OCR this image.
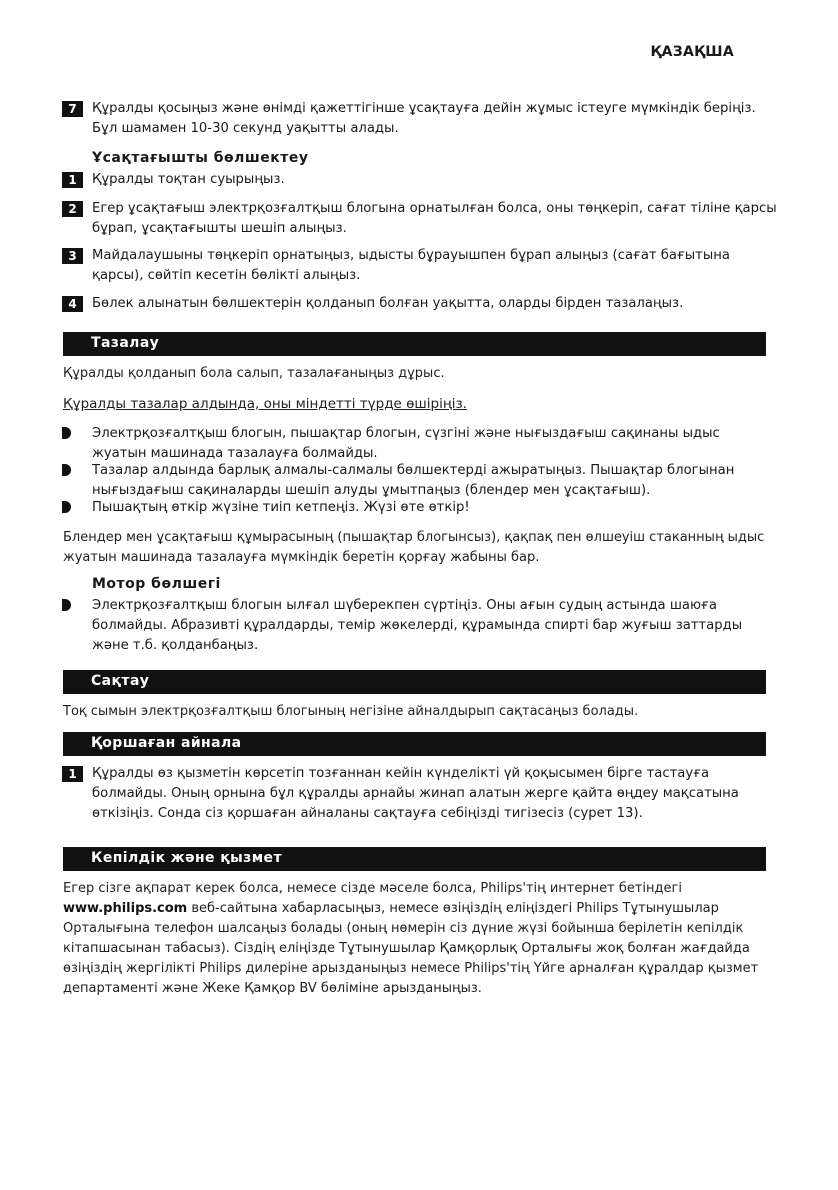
ҚАЗАҚША
7	Құралды қосыңыз және өнімді қажеттігінше ұсақтауға дейін жұмыс істеуге мүмкіндік беріңіз. Бұл шамамен 10-30 секунд уақытты алады.
Ұсақтағышты бөлшектеу
1	Құралды тоқтан суырыңыз.
2	Егер ұсақтағыш электрқозғалтқыш блогына орнатылған болса, оны төңкеріп, сағат тіліне қарсы бұрап, ұсақтағышты шешіп алыңыз.
3	Майдалаушыны төңкеріп орнатыңыз, ыдысты бұрауышпен бұрап алыңыз (сағат бағытына қарсы), сөйтіп кесетін бөлікті алыңыз.
4	Бөлек алынатын бөлшектерін қолданып болған уақытта, оларды бірден тазалаңыз.
Тазалау
Құралды қолданып бола салып, тазалағаныңыз дұрыс.
Құралды тазалар алдында, оны міндетті түрде өшіріңіз.
Электрқозғалтқыш блогын, пышақтар блогын, сүзгіні және нығыздағыш сақинаны ыдыс жуатын машинада тазалауға болмайды.
Тазалар алдында барлық алмалы-салмалы бөлшектерді ажыратыңыз. Пышақтар блогынан нығыздағыш сақиналарды шешіп алуды ұмытпаңыз (блендер мен ұсақтағыш).
Пышақтың өткір жүзіне тиіп кетпеңіз. Жүзі өте өткір!
Блендер мен ұсақтағыш құмырасының (пышақтар блогынсыз), қақпақ пен өлшеуіш стаканның ыдыс жуатын машинада тазалауға мүмкіндік беретін қорғау жабыны бар.
Мотор бөлшегі
Электрқозғалтқыш блогын ылғал шүберекпен сүртіңіз. Оны ағын судың астында шаюға болмайды. Абразивті құралдарды, темір жөкелерді, құрамында спирті бар жуғыш заттарды және т.б. қолданбаңыз.
Сақтау
Тоқ сымын электрқозғалтқыш блогының негізіне айналдырып сақтасаңыз болады.
Қоршаған айнала
1	Құралды өз қызметін көрсетіп тозғаннан кейін күнделікті үй қоқысымен бірге тастауға болмайды. Оның орнына бұл құралды арнайы жинап алатын жерге қайта өңдеу мақсатына өткізіңіз. Сонда сіз қоршаған айналаны сақтауға себіңізді тигізесіз (сурет 13).
Кепілдік және қызмет
Егер сізге ақпарат керек болса, немесе сізде мәселе болса, Philips'тің интернет бетіндегі www.philips.com веб-сайтына хабарласыңыз, немесе өзіңіздің еліңіздегі Philips Тұтынушылар Орталығына телефон шалсаңыз болады (оның нөмерін сіз дүние жүзі бойынша берілетін кепілдік кітапшасынан табасыз). Сіздің еліңізде Тұтынушылар Қамқорлық Орталығы жоқ болған жағдайда өзіңіздің жергілікті Philips дилеріне арызданыңыз немесе Philips'тің Үйге арналған құралдар қызмет департаменті және Жеке Қамқор BV бөліміне арызданыңыз.
